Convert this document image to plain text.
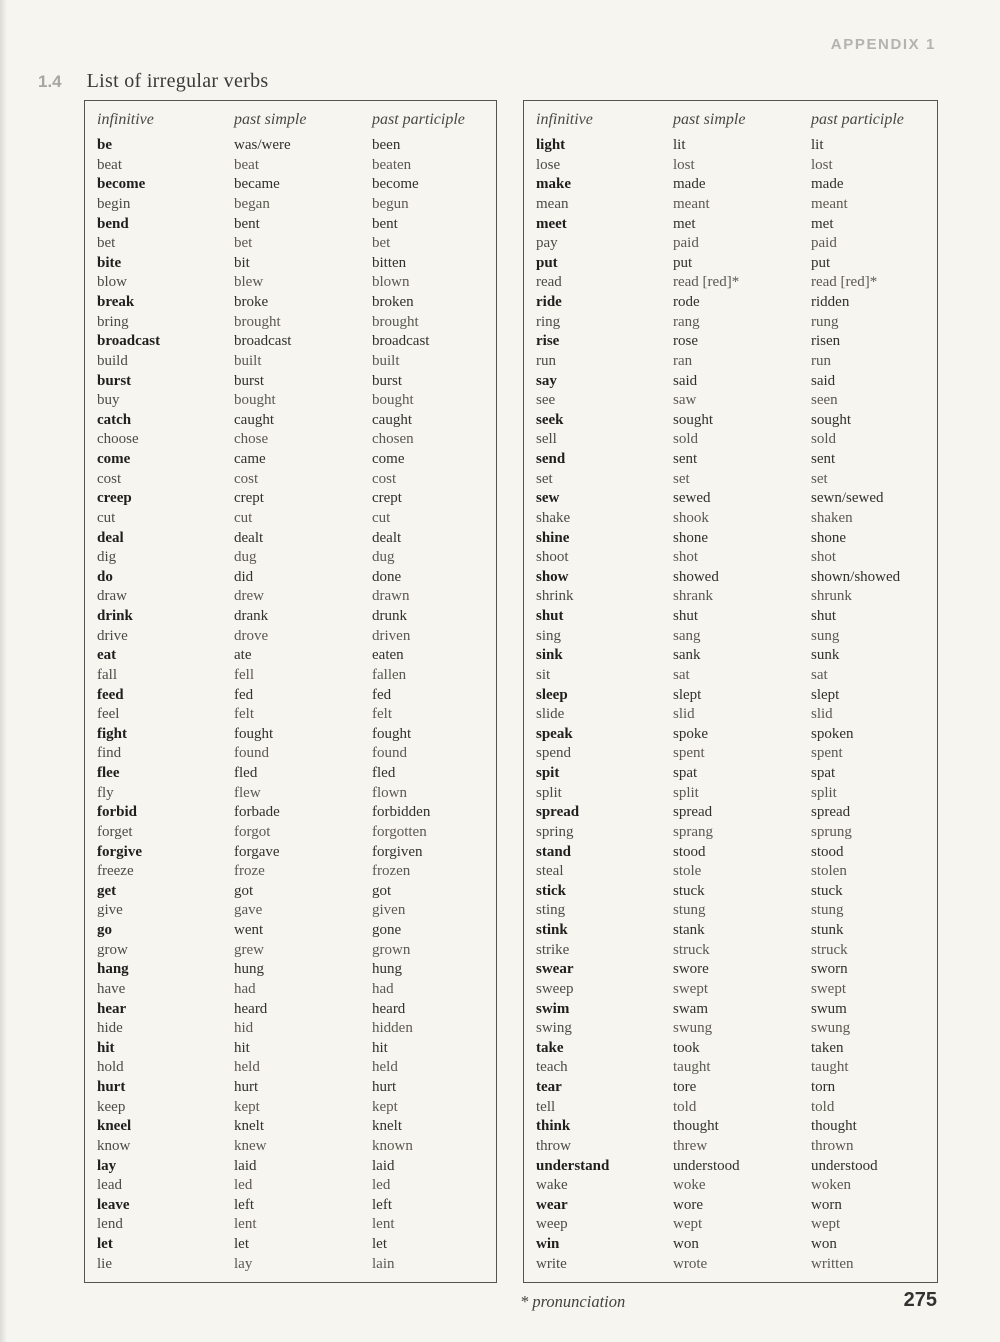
APPENDIX 1
1.4 List of irregular verbs
infinitive	past simple	past participle
be	was/were	been
beat	beat	beaten
become	became	become
begin	began	begun
bend	bent	bent
bet	bet	bet
bite	bit	bitten
blow	blew	blown
break	broke	broken
bring	brought	brought
broadcast	broadcast	broadcast
build	built	built
burst	burst	burst
buy	bought	bought
catch	caught	caught
choose	chose	chosen
come	came	come
cost	cost	cost
creep	crept	crept
cut	cut	cut
deal	dealt	dealt
dig	dug	dug
do	did	done
draw	drew	drawn
drink	drank	drunk
drive	drove	driven
eat	ate	eaten
fall	fell	fallen
feed	fed	fed
feel	felt	felt
fight	fought	fought
find	found	found
flee	fled	fled
fly	flew	flown
forbid	forbade	forbidden
forget	forgot	forgotten
forgive	forgave	forgiven
freeze	froze	frozen
get	got	got
give	gave	given
go	went	gone
grow	grew	grown
hang	hung	hung
have	had	had
hear	heard	heard
hide	hid	hidden
hit	hit	hit
hold	held	held
hurt	hurt	hurt
keep	kept	kept
kneel	knelt	knelt
know	knew	known
lay	laid	laid
lead	led	led
leave	left	left
lend	lent	lent
let	let	let
lie	lay	lain
infinitive	past simple	past participle
light	lit	lit
lose	lost	lost
make	made	made
mean	meant	meant
meet	met	met
pay	paid	paid
put	put	put
read	read [red]*	read [red]*
ride	rode	ridden
ring	rang	rung
rise	rose	risen
run	ran	run
say	said	said
see	saw	seen
seek	sought	sought
sell	sold	sold
send	sent	sent
set	set	set
sew	sewed	sewn/sewed
shake	shook	shaken
shine	shone	shone
shoot	shot	shot
show	showed	shown/showed
shrink	shrank	shrunk
shut	shut	shut
sing	sang	sung
sink	sank	sunk
sit	sat	sat
sleep	slept	slept
slide	slid	slid
speak	spoke	spoken
spend	spent	spent
spit	spat	spat
split	split	split
spread	spread	spread
spring	sprang	sprung
stand	stood	stood
steal	stole	stolen
stick	stuck	stuck
sting	stung	stung
stink	stank	stunk
strike	struck	struck
swear	swore	sworn
sweep	swept	swept
swim	swam	swum
swing	swung	swung
take	took	taken
teach	taught	taught
tear	tore	torn
tell	told	told
think	thought	thought
throw	threw	thrown
understand	understood	understood
wake	woke	woken
wear	wore	worn
weep	wept	wept
win	won	won
write	wrote	written
* pronunciation	275
